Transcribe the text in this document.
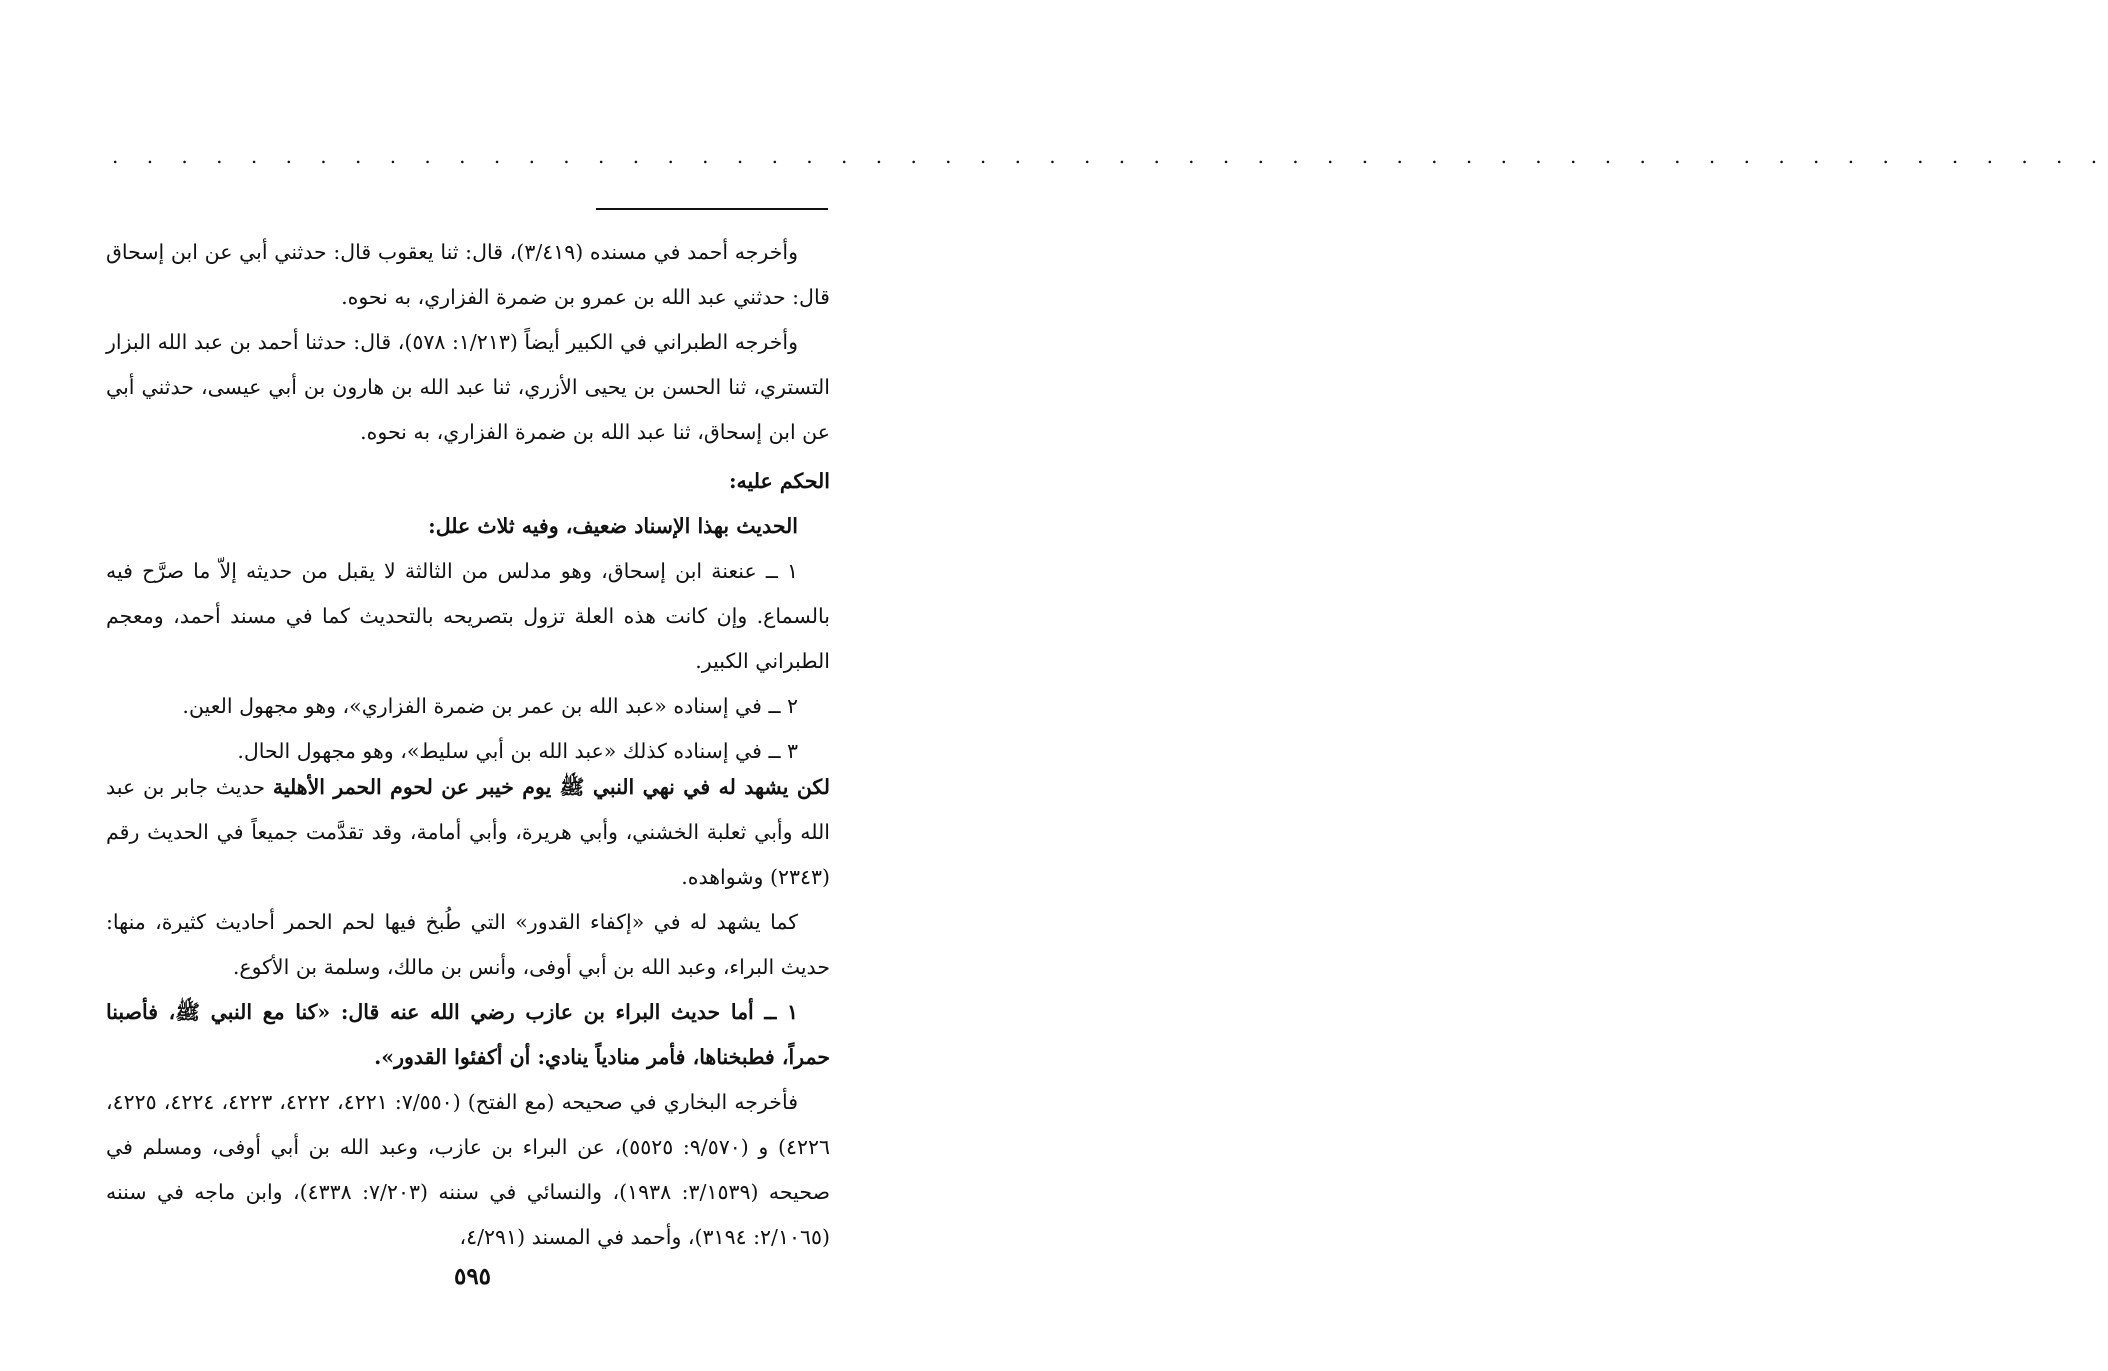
. . . . . . . . . . . . . . . . . . . . . . . . . . . . . . . . . . . . . . . . . . . . . . . . . . . . . . . . . .

وأخرجه أحمد في مسنده (٣/٤١٩)، قال: ثنا يعقوب قال: حدثني أبي عن ابن إسحاق قال: حدثني عبد الله بن عمرو بن ضمرة الفزاري، به نحوه.

وأخرجه الطبراني في الكبير أيضاً (١/٢١٣: ٥٧٨)، قال: حدثنا أحمد بن عبد الله البزار التستري، ثنا الحسن بن يحيى الأزري، ثنا عبد الله بن هارون بن أبي عيسى، حدثني أبي عن ابن إسحاق، ثنا عبد الله بن ضمرة الفزاري، به نحوه.

الحكم عليه:

الحديث بهذا الإسناد ضعيف، وفيه ثلاث علل:

١ ــ عنعنة ابن إسحاق، وهو مدلس من الثالثة لا يقبل من حديثه إلاّ ما صرَّح فيه بالسماع. وإن كانت هذه العلة تزول بتصريحه بالتحديث كما في مسند أحمد، ومعجم الطبراني الكبير.

٢ ــ في إسناده «عبد الله بن عمر بن ضمرة الفزاري»، وهو مجهول العين.

٣ ــ في إسناده كذلك «عبد الله بن أبي سليط»، وهو مجهول الحال.

لكن يشهد له في نهي النبي ﷺ يوم خيبر عن لحوم الحمر الأهلية حديث جابر بن عبد الله وأبي ثعلبة الخشني، وأبي هريرة، وأبي أمامة، وقد تقدَّمت جميعاً في الحديث رقم (٢٣٤٣) وشواهده.

كما يشهد له في «إكفاء القدور» التي طُبخ فيها لحم الحمر أحاديث كثيرة، منها: حديث البراء، وعبد الله بن أبي أوفى، وأنس بن مالك، وسلمة بن الأكوع.

١ ــ أما حديث البراء بن عازب رضي الله عنه قال: «كنا مع النبي ﷺ، فأصبنا حمراً، فطبخناها، فأمر منادياً ينادي: أن أكفئوا القدور».

فأخرجه البخاري في صحيحه (مع الفتح) (٧/٥٥٠: ٤٢٢١، ٤٢٢٢، ٤٢٢٣، ٤٢٢٤، ٤٢٢٥، ٤٢٢٦) و (٩/٥٧٠: ٥٥٢٥)، عن البراء بن عازب، وعبد الله بن أبي أوفى، ومسلم في صحيحه (٣/١٥٣٩: ١٩٣٨)، والنسائي في سننه (٧/٢٠٣: ٤٣٣٨)، وابن ماجه في سننه (٢/١٠٦٥: ٣١٩٤)، وأحمد في المسند (٤/٢٩١،

٥٩٥
